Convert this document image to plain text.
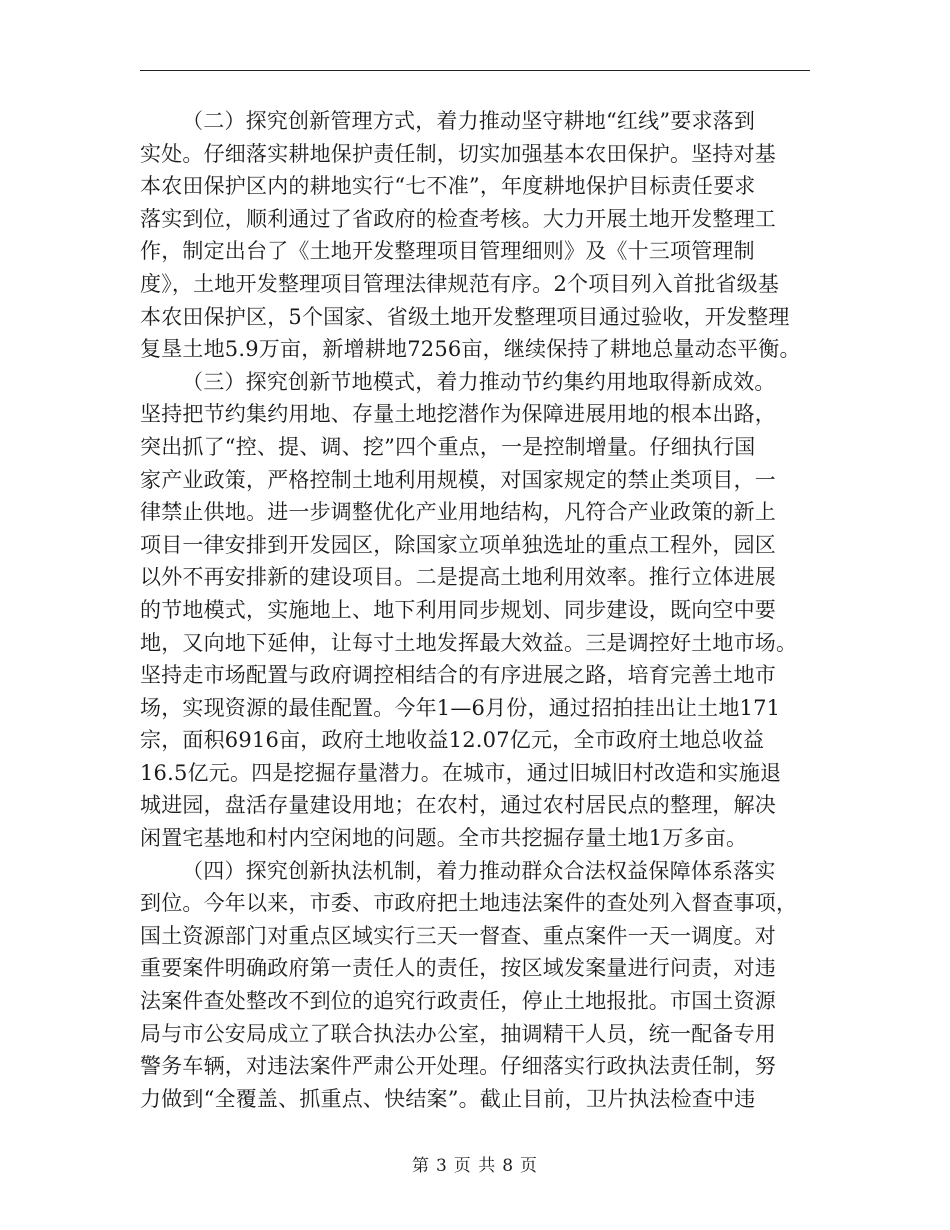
（二）探究创新管理方式，着力推动坚守耕地“红线”要求落到
实处。仔细落实耕地保护责任制，切实加强基本农田保护。坚持对基
本农田保护区内的耕地实行“七不准”，年度耕地保护目标责任要求
落实到位，顺利通过了省政府的检查考核。大力开展土地开发整理工
作，制定出台了《土地开发整理项目管理细则》及《十三项管理制
度》，土地开发整理项目管理法律规范有序。2个项目列入首批省级基
本农田保护区，5个国家、省级土地开发整理项目通过验收，开发整理
复垦土地5.9万亩，新增耕地7256亩，继续保持了耕地总量动态平衡。
（三）探究创新节地模式，着力推动节约集约用地取得新成效。
坚持把节约集约用地、存量土地挖潜作为保障进展用地的根本出路，
突出抓了“控、提、调、挖”四个重点，一是控制增量。仔细执行国
家产业政策，严格控制土地利用规模，对国家规定的禁止类项目，一
律禁止供地。进一步调整优化产业用地结构，凡符合产业政策的新上
项目一律安排到开发园区，除国家立项单独选址的重点工程外，园区
以外不再安排新的建设项目。二是提高土地利用效率。推行立体进展
的节地模式，实施地上、地下利用同步规划、同步建设，既向空中要
地，又向地下延伸，让每寸土地发挥最大效益。三是调控好土地市场。
坚持走市场配置与政府调控相结合的有序进展之路，培育完善土地市
场，实现资源的最佳配置。今年1—6月份，通过招拍挂出让土地171
宗，面积6916亩，政府土地收益12.07亿元，全市政府土地总收益
16.5亿元。四是挖掘存量潜力。在城市，通过旧城旧村改造和实施退
城进园，盘活存量建设用地；在农村，通过农村居民点的整理，解决
闲置宅基地和村内空闲地的问题。全市共挖掘存量土地1万多亩。
（四）探究创新执法机制，着力推动群众合法权益保障体系落实
到位。今年以来，市委、市政府把土地违法案件的查处列入督查事项，
国土资源部门对重点区域实行三天一督查、重点案件一天一调度。对
重要案件明确政府第一责任人的责任，按区域发案量进行问责，对违
法案件查处整改不到位的追究行政责任，停止土地报批。市国土资源
局与市公安局成立了联合执法办公室，抽调精干人员，统一配备专用
警务车辆，对违法案件严肃公开处理。仔细落实行政执法责任制，努
力做到“全覆盖、抓重点、快结案”。截止目前，卫片执法检查中违
第 3 页 共 8 页
